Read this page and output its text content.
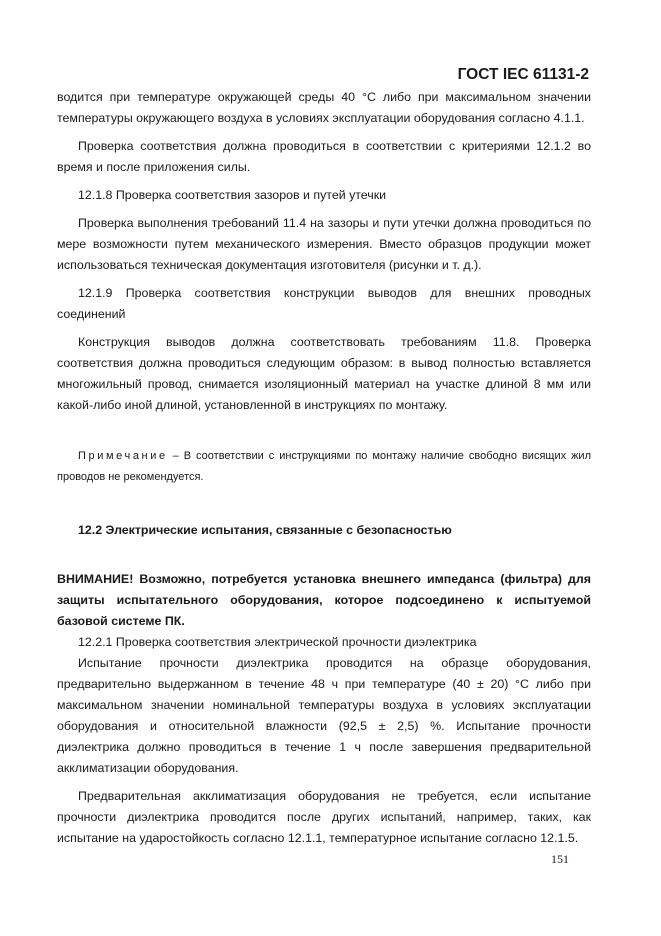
ГОСТ IEC 61131-2

водится при температуре окружающей среды 40 °С либо при максимальном значении температуры окружающего воздуха в условиях эксплуатации оборудования согласно 4.1.1.

Проверка соответствия должна проводиться в соответствии с критериями 12.1.2 во время и после приложения силы.

12.1.8 Проверка соответствия зазоров и путей утечки

Проверка выполнения требований 11.4 на зазоры и пути утечки должна проводиться по мере возможности путем механического измерения. Вместо образцов продукции может использоваться техническая документация изготовителя (рисунки и т. д.).

12.1.9 Проверка соответствия конструкции выводов для внешних проводных соединений

Конструкция выводов должна соответствовать требованиям 11.8. Проверка соответствия должна проводиться следующим образом: в вывод полностью вставляется многожильный провод, снимается изоляционный материал на участке длиной 8 мм или какой-либо иной длиной, установленной в инструкциях по монтажу.

Примечание – В соответствии с инструкциями по монтажу наличие свободно висящих жил проводов не рекомендуется.

12.2 Электрические испытания, связанные с безопасностью

ВНИМАНИЕ! Возможно, потребуется установка внешнего импеданса (фильтра) для защиты испытательного оборудования, которое подсоединено к испытуемой базовой системе ПК.

12.2.1 Проверка соответствия электрической прочности диэлектрика

Испытание прочности диэлектрика проводится на образце оборудования, предварительно выдержанном в течение 48 ч при температуре (40 ± 20) °С либо при максимальном значении номинальной температуры воздуха в условиях эксплуатации оборудования и относительной влажности (92,5 ± 2,5) %. Испытание прочности диэлектрика должно проводиться в течение 1 ч после завершения предварительной акклиматизации оборудования.

Предварительная акклиматизация оборудования не требуется, если испытание прочности диэлектрика проводится после других испытаний, например, таких, как испытание на ударостойкость согласно 12.1.1, температурное испытание согласно 12.1.5.

151
